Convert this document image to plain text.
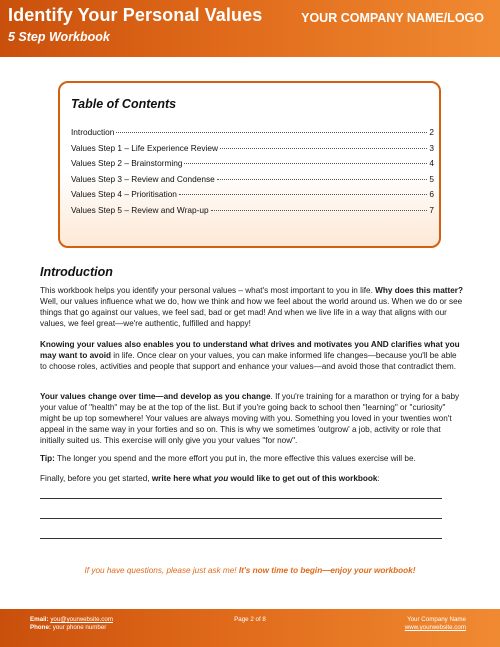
Identify Your Personal Values
5 Step Workbook
YOUR COMPANY NAME/LOGO
Table of Contents
Introduction	2
Values Step 1 – Life Experience Review	3
Values Step 2 – Brainstorming	4
Values Step 3 – Review and Condense	5
Values Step 4 – Prioritisation	6
Values Step 5 – Review and Wrap-up	7
Introduction
This workbook helps you identify your personal values – what's most important to you in life. Why does this matter? Well, our values influence what we do, how we think and how we feel about the world around us. When we do or see things that go against our values, we feel sad, bad or get mad! And when we live life in a way that aligns with our values, we feel great—we're authentic, fulfilled and happy!
Knowing your values also enables you to understand what drives and motivates you AND clarifies what you may want to avoid in life. Once clear on your values, you can make informed life changes—because you'll be able to choose roles, activities and people that support and enhance your values—and avoid those that contradict them.
Your values change over time—and develop as you change. If you're training for a marathon or trying for a baby your value of "health" may be at the top of the list. But if you're going back to school then "learning" or "curiosity" might be up top somewhere! Your values are always moving with you. Something you loved in your twenties won't appeal in the same way in your forties and so on. This is why we sometimes 'outgrow' a job, activity or role that initially suited us. This exercise will only give you your values "for now".
Tip: The longer you spend and the more effort you put in, the more effective this values exercise will be.
Finally, before you get started, write here what you would like to get out of this workbook:
If you have questions, please just ask me! It's now time to begin—enjoy your workbook!
Email: you@yourwebsite.com
Phone: your phone number
Page 2 of 8	Your Company Name
www.yourwebsite.com
